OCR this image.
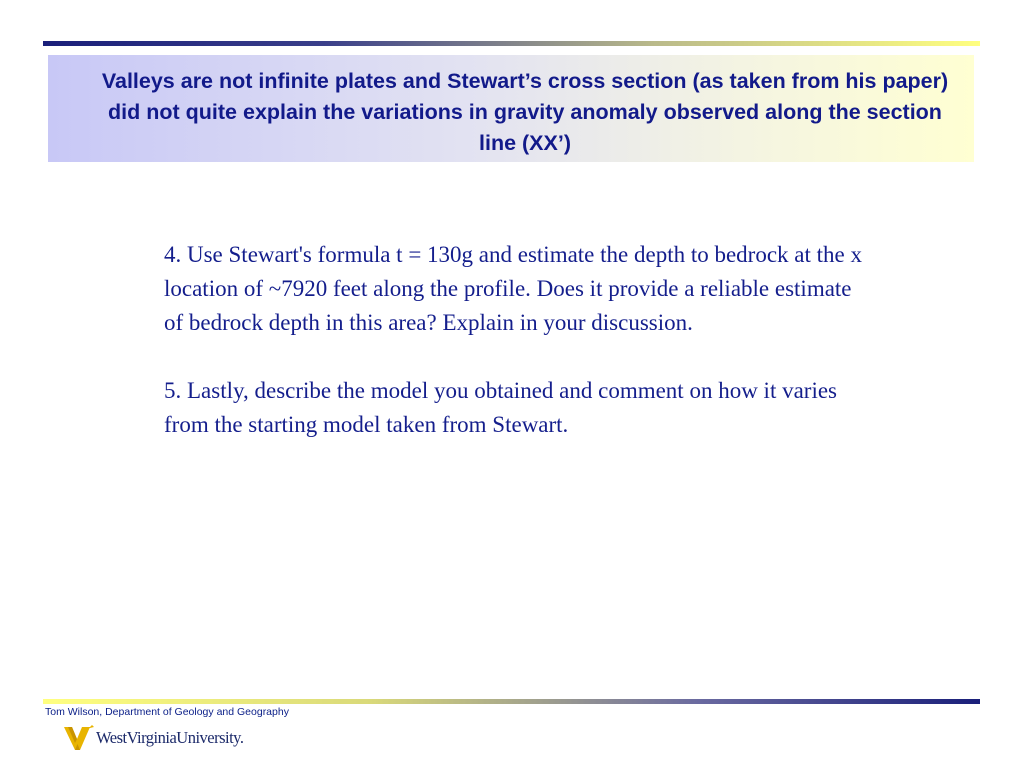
Valleys are not infinite plates and Stewart’s cross section (as taken from his paper) did not quite explain the variations in gravity anomaly observed along the section line (XX’)

4. Use Stewart's formula t = 130g and estimate the depth to bedrock at the x location of ~7920 feet along the profile. Does it provide a reliable estimate of bedrock depth in this area? Explain in your discussion.

5. Lastly, describe the model you obtained and comment on how it varies from the starting model taken from Stewart.

Tom Wilson, Department of Geology and Geography
WestVirginiaUniversity.
